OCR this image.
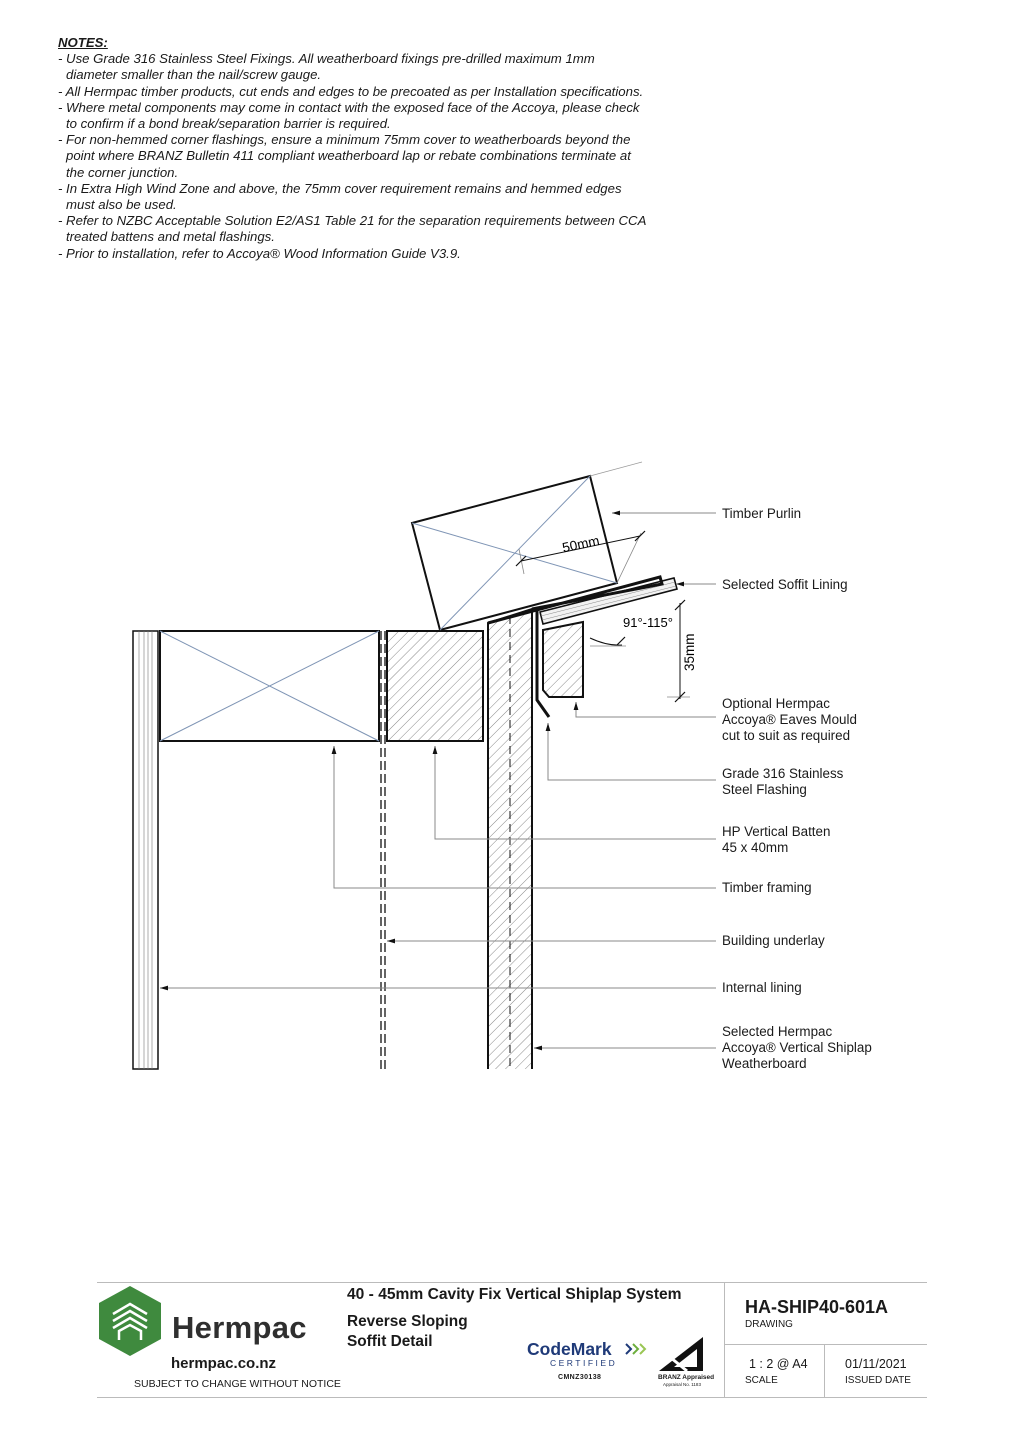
NOTES:
- Use Grade 316 Stainless Steel Fixings. All weatherboard fixings pre-drilled maximum 1mm
diameter smaller than the nail/screw gauge.
- All Hermpac timber products, cut ends and edges to be precoated as per Installation specifications.
- Where metal components may come in contact with the exposed face of the Accoya, please check
to confirm if a bond break/separation barrier is required.
- For non-hemmed corner flashings, ensure a minimum 75mm cover to weatherboards beyond the
point where BRANZ Bulletin 411 compliant weatherboard lap or rebate combinations terminate at
the corner junction.
- In Extra High Wind Zone and above, the 75mm cover requirement remains and hemmed edges
must also be used.
- Refer to NZBC Acceptable Solution E2/AS1 Table 21 for the separation requirements between CCA
treated battens and metal flashings.
- Prior to installation, refer to Accoya® Wood Information Guide V3.9.
50mm
91°-115°
35mm
Timber Purlin
Selected Soffit Lining
Optional Hermpac
Accoya® Eaves Mould
cut to suit as required
Grade 316 Stainless
Steel Flashing
HP Vertical Batten
45 x 40mm
Timber framing
Building underlay
Internal lining
Selected Hermpac
Accoya® Vertical Shiplap
Weatherboard
Hermpac
hermpac.co.nz
SUBJECT TO CHANGE WITHOUT NOTICE
40 - 45mm Cavity Fix Vertical Shiplap System
Reverse Sloping
Soffit Detail	CodeMark
CERTIFIED
CMNZ30138	BRANZ Appraised
Appraisal No. 1183
HA-SHIP40-601A
DRAWING
1 : 2 @ A4
SCALE
01/11/2021
ISSUED DATE
